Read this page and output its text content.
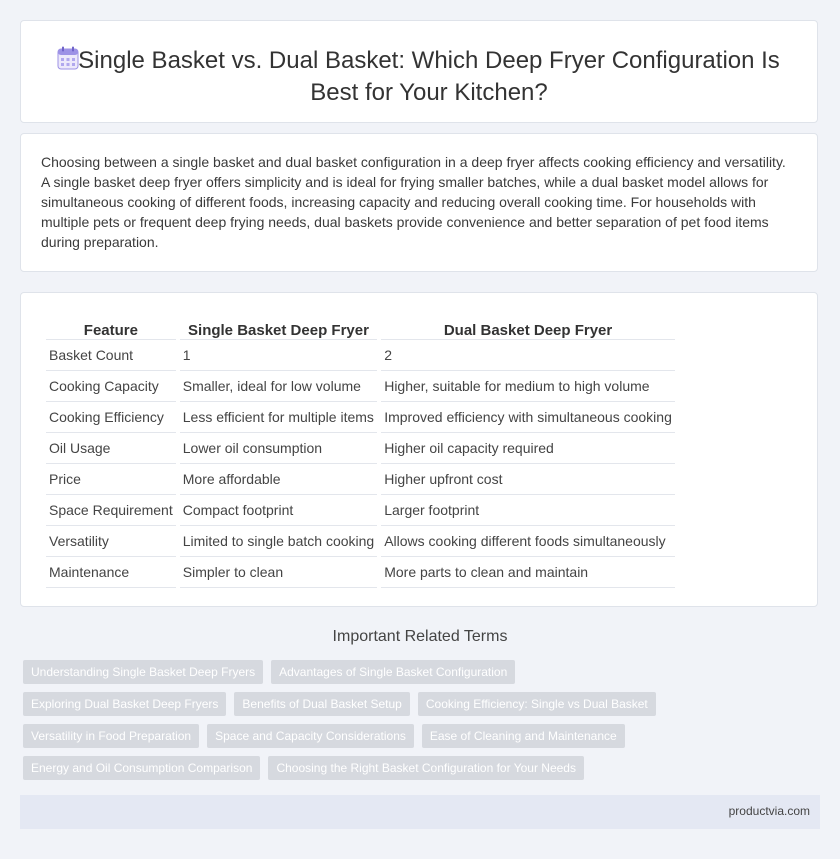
Single Basket vs. Dual Basket: Which Deep Fryer Configuration Is Best for Your Kitchen?

Choosing between a single basket and dual basket configuration in a deep fryer affects cooking efficiency and versatility. A single basket deep fryer offers simplicity and is ideal for frying smaller batches, while a dual basket model allows for simultaneous cooking of different foods, increasing capacity and reducing overall cooking time. For households with multiple pets or frequent deep frying needs, dual baskets provide convenience and better separation of pet food items during preparation.

Feature	Single Basket Deep Fryer	Dual Basket Deep Fryer
Basket Count	1	2
Cooking Capacity	Smaller, ideal for low volume	Higher, suitable for medium to high volume
Cooking Efficiency	Less efficient for multiple items	Improved efficiency with simultaneous cooking
Oil Usage	Lower oil consumption	Higher oil capacity required
Price	More affordable	Higher upfront cost
Space Requirement	Compact footprint	Larger footprint
Versatility	Limited to single batch cooking	Allows cooking different foods simultaneously
Maintenance	Simpler to clean	More parts to clean and maintain
Important Related Terms
Understanding Single Basket Deep Fryers	Advantages of Single Basket Configuration
Exploring Dual Basket Deep Fryers	Benefits of Dual Basket Setup	Cooking Efficiency: Single vs Dual Basket
Versatility in Food Preparation	Space and Capacity Considerations	Ease of Cleaning and Maintenance
Energy and Oil Consumption Comparison	Choosing the Right Basket Configuration for Your Needs
productvia.com
